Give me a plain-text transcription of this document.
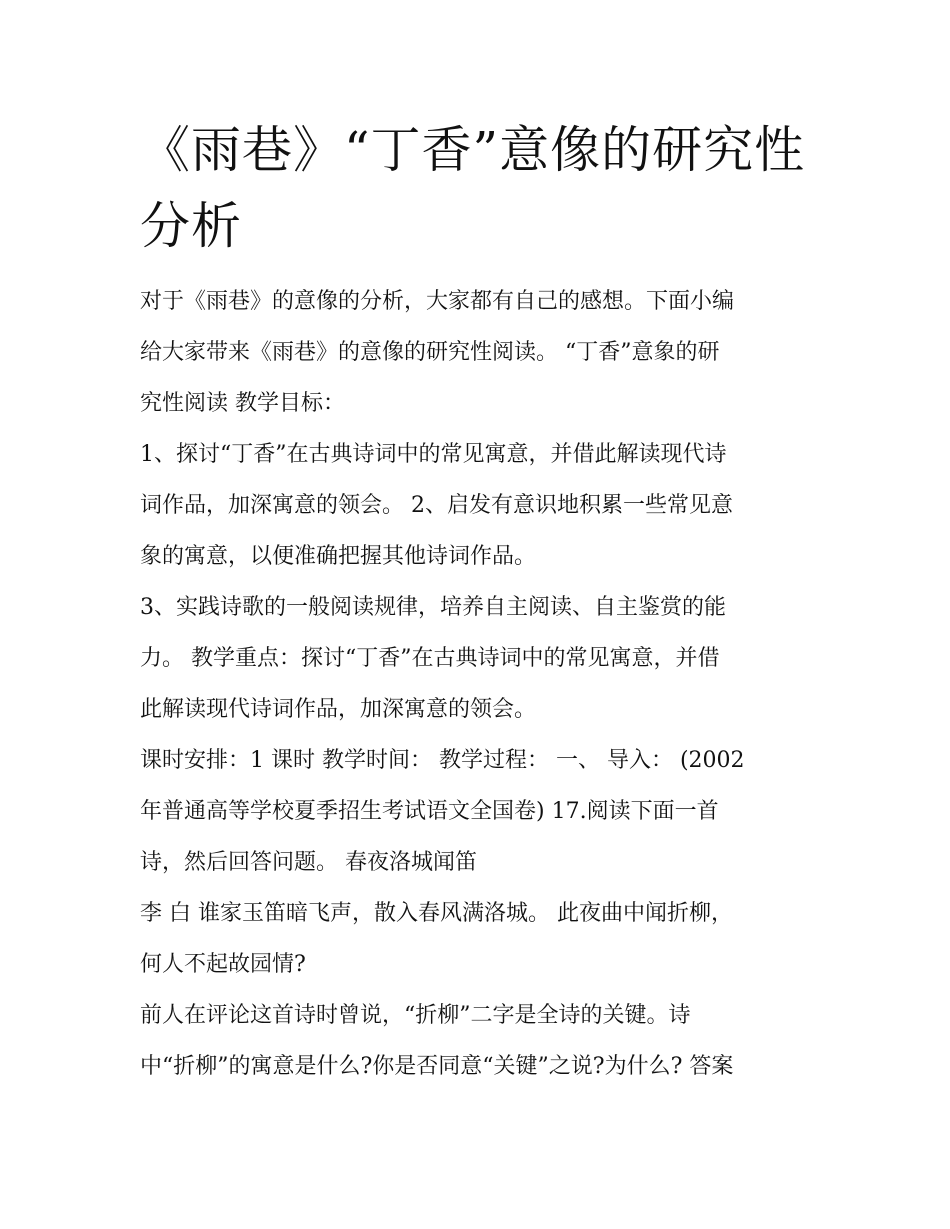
《雨巷》“丁香”意像的研究性
分析
对于《雨巷》的意像的分析，大家都有自己的感想。下面小编
给大家带来《雨巷》的意像的研究性阅读。 “丁香”意象的研
究性阅读 教学目标：
1、探讨“丁香”在古典诗词中的常见寓意，并借此解读现代诗
词作品，加深寓意的领会。 2、启发有意识地积累一些常见意
象的寓意，以便准确把握其他诗词作品。
3、实践诗歌的一般阅读规律，培养自主阅读、自主鉴赏的能
力。 教学重点：探讨“丁香”在古典诗词中的常见寓意，并借
此解读现代诗词作品，加深寓意的领会。
课时安排：1 课时 教学时间： 教学过程： 一、 导入： (2002
年普通高等学校夏季招生考试语文全国卷) 17.阅读下面一首
诗，然后回答问题。 春夜洛城闻笛
李 白 谁家玉笛暗飞声，散入春风满洛城。 此夜曲中闻折柳，
何人不起故园情?
前人在评论这首诗时曾说，“折柳”二字是全诗的关键。诗
中“折柳”的寓意是什么?你是否同意“关键”之说?为什么? 答案
